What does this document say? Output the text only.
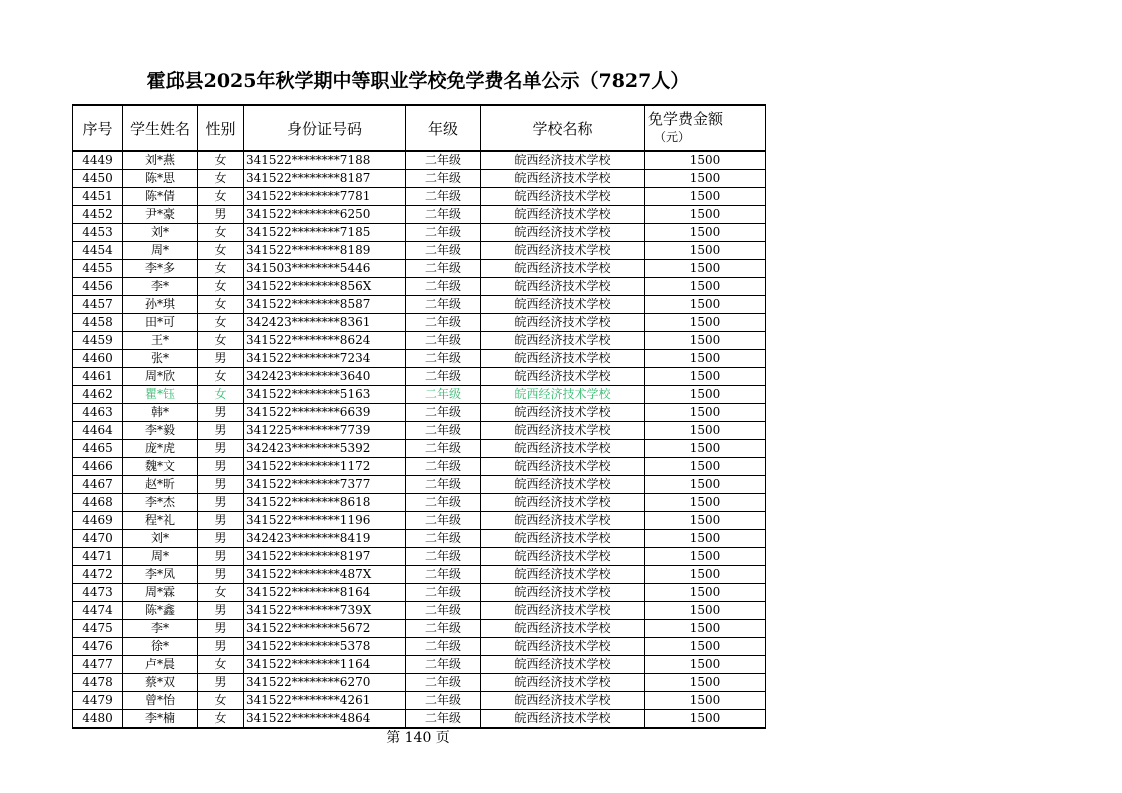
霍邱县2025年秋学期中等职业学校免学费名单公示（7827人）
序号	学生姓名	性别	身份证号码	年级	学校名称	免学费金额
（元）

4449	刘*燕	女	341522********7188	二年级	皖西经济技术学校	1500
4450	陈*思	女	341522********8187	二年级	皖西经济技术学校	1500
4451	陈*倩	女	341522********7781	二年级	皖西经济技术学校	1500
4452	尹*豪	男	341522********6250	二年级	皖西经济技术学校	1500
4453	刘*	女	341522********7185	二年级	皖西经济技术学校	1500
4454	周*	女	341522********8189	二年级	皖西经济技术学校	1500
4455	李*多	女	341503********5446	二年级	皖西经济技术学校	1500
4456	李*	女	341522********856X	二年级	皖西经济技术学校	1500
4457	孙*琪	女	341522********8587	二年级	皖西经济技术学校	1500
4458	田*可	女	342423********8361	二年级	皖西经济技术学校	1500
4459	王*	女	341522********8624	二年级	皖西经济技术学校	1500
4460	张*	男	341522********7234	二年级	皖西经济技术学校	1500
4461	周*欣	女	342423********3640	二年级	皖西经济技术学校	1500
4462	瞿*钰	女	341522********5163	二年级	皖西经济技术学校	1500
4463	韩*	男	341522********6639	二年级	皖西经济技术学校	1500
4464	李*毅	男	341225********7739	二年级	皖西经济技术学校	1500
4465	庞*虎	男	342423********5392	二年级	皖西经济技术学校	1500
4466	魏*文	男	341522********1172	二年级	皖西经济技术学校	1500
4467	赵*昕	男	341522********7377	二年级	皖西经济技术学校	1500
4468	李*杰	男	341522********8618	二年级	皖西经济技术学校	1500
4469	程*礼	男	341522********1196	二年级	皖西经济技术学校	1500
4470	刘*	男	342423********8419	二年级	皖西经济技术学校	1500
4471	周*	男	341522********8197	二年级	皖西经济技术学校	1500
4472	李*凤	男	341522********487X	二年级	皖西经济技术学校	1500
4473	周*霖	女	341522********8164	二年级	皖西经济技术学校	1500
4474	陈*鑫	男	341522********739X	二年级	皖西经济技术学校	1500
4475	李*	男	341522********5672	二年级	皖西经济技术学校	1500
4476	徐*	男	341522********5378	二年级	皖西经济技术学校	1500
4477	卢*晨	女	341522********1164	二年级	皖西经济技术学校	1500
4478	蔡*双	男	341522********6270	二年级	皖西经济技术学校	1500
4479	曾*怡	女	341522********4261	二年级	皖西经济技术学校	1500
4480	李*楠	女	341522********4864	二年级	皖西经济技术学校	1500
第 140 页
